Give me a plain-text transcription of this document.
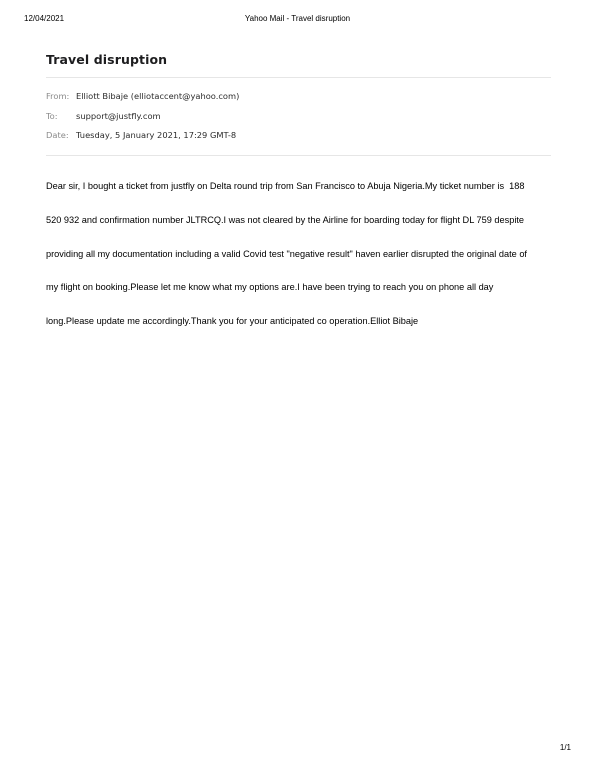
12/04/2021	Yahoo Mail - Travel disruption
Travel disruption
From: Elliott Bibaje (elliotaccent@yahoo.com)
To:	support@justfly.com
Date: Tuesday, 5 January 2021, 17:29 GMT-8

Dear sir, I bought a ticket from justfly on Delta round trip from San Francisco to Abuja Nigeria.My ticket number is  188

520 932 and confirmation number JLTRCQ.I was not cleared by the Airline for boarding today for flight DL 759 despite

providing all my documentation including a valid Covid test "negative result" haven earlier disrupted the original date of

my flight on booking.Please let me know what my options are.I have been trying to reach you on phone all day

long.Please update me accordingly.Thank you for your anticipated co operation.Elliot Bibaje

1/1
